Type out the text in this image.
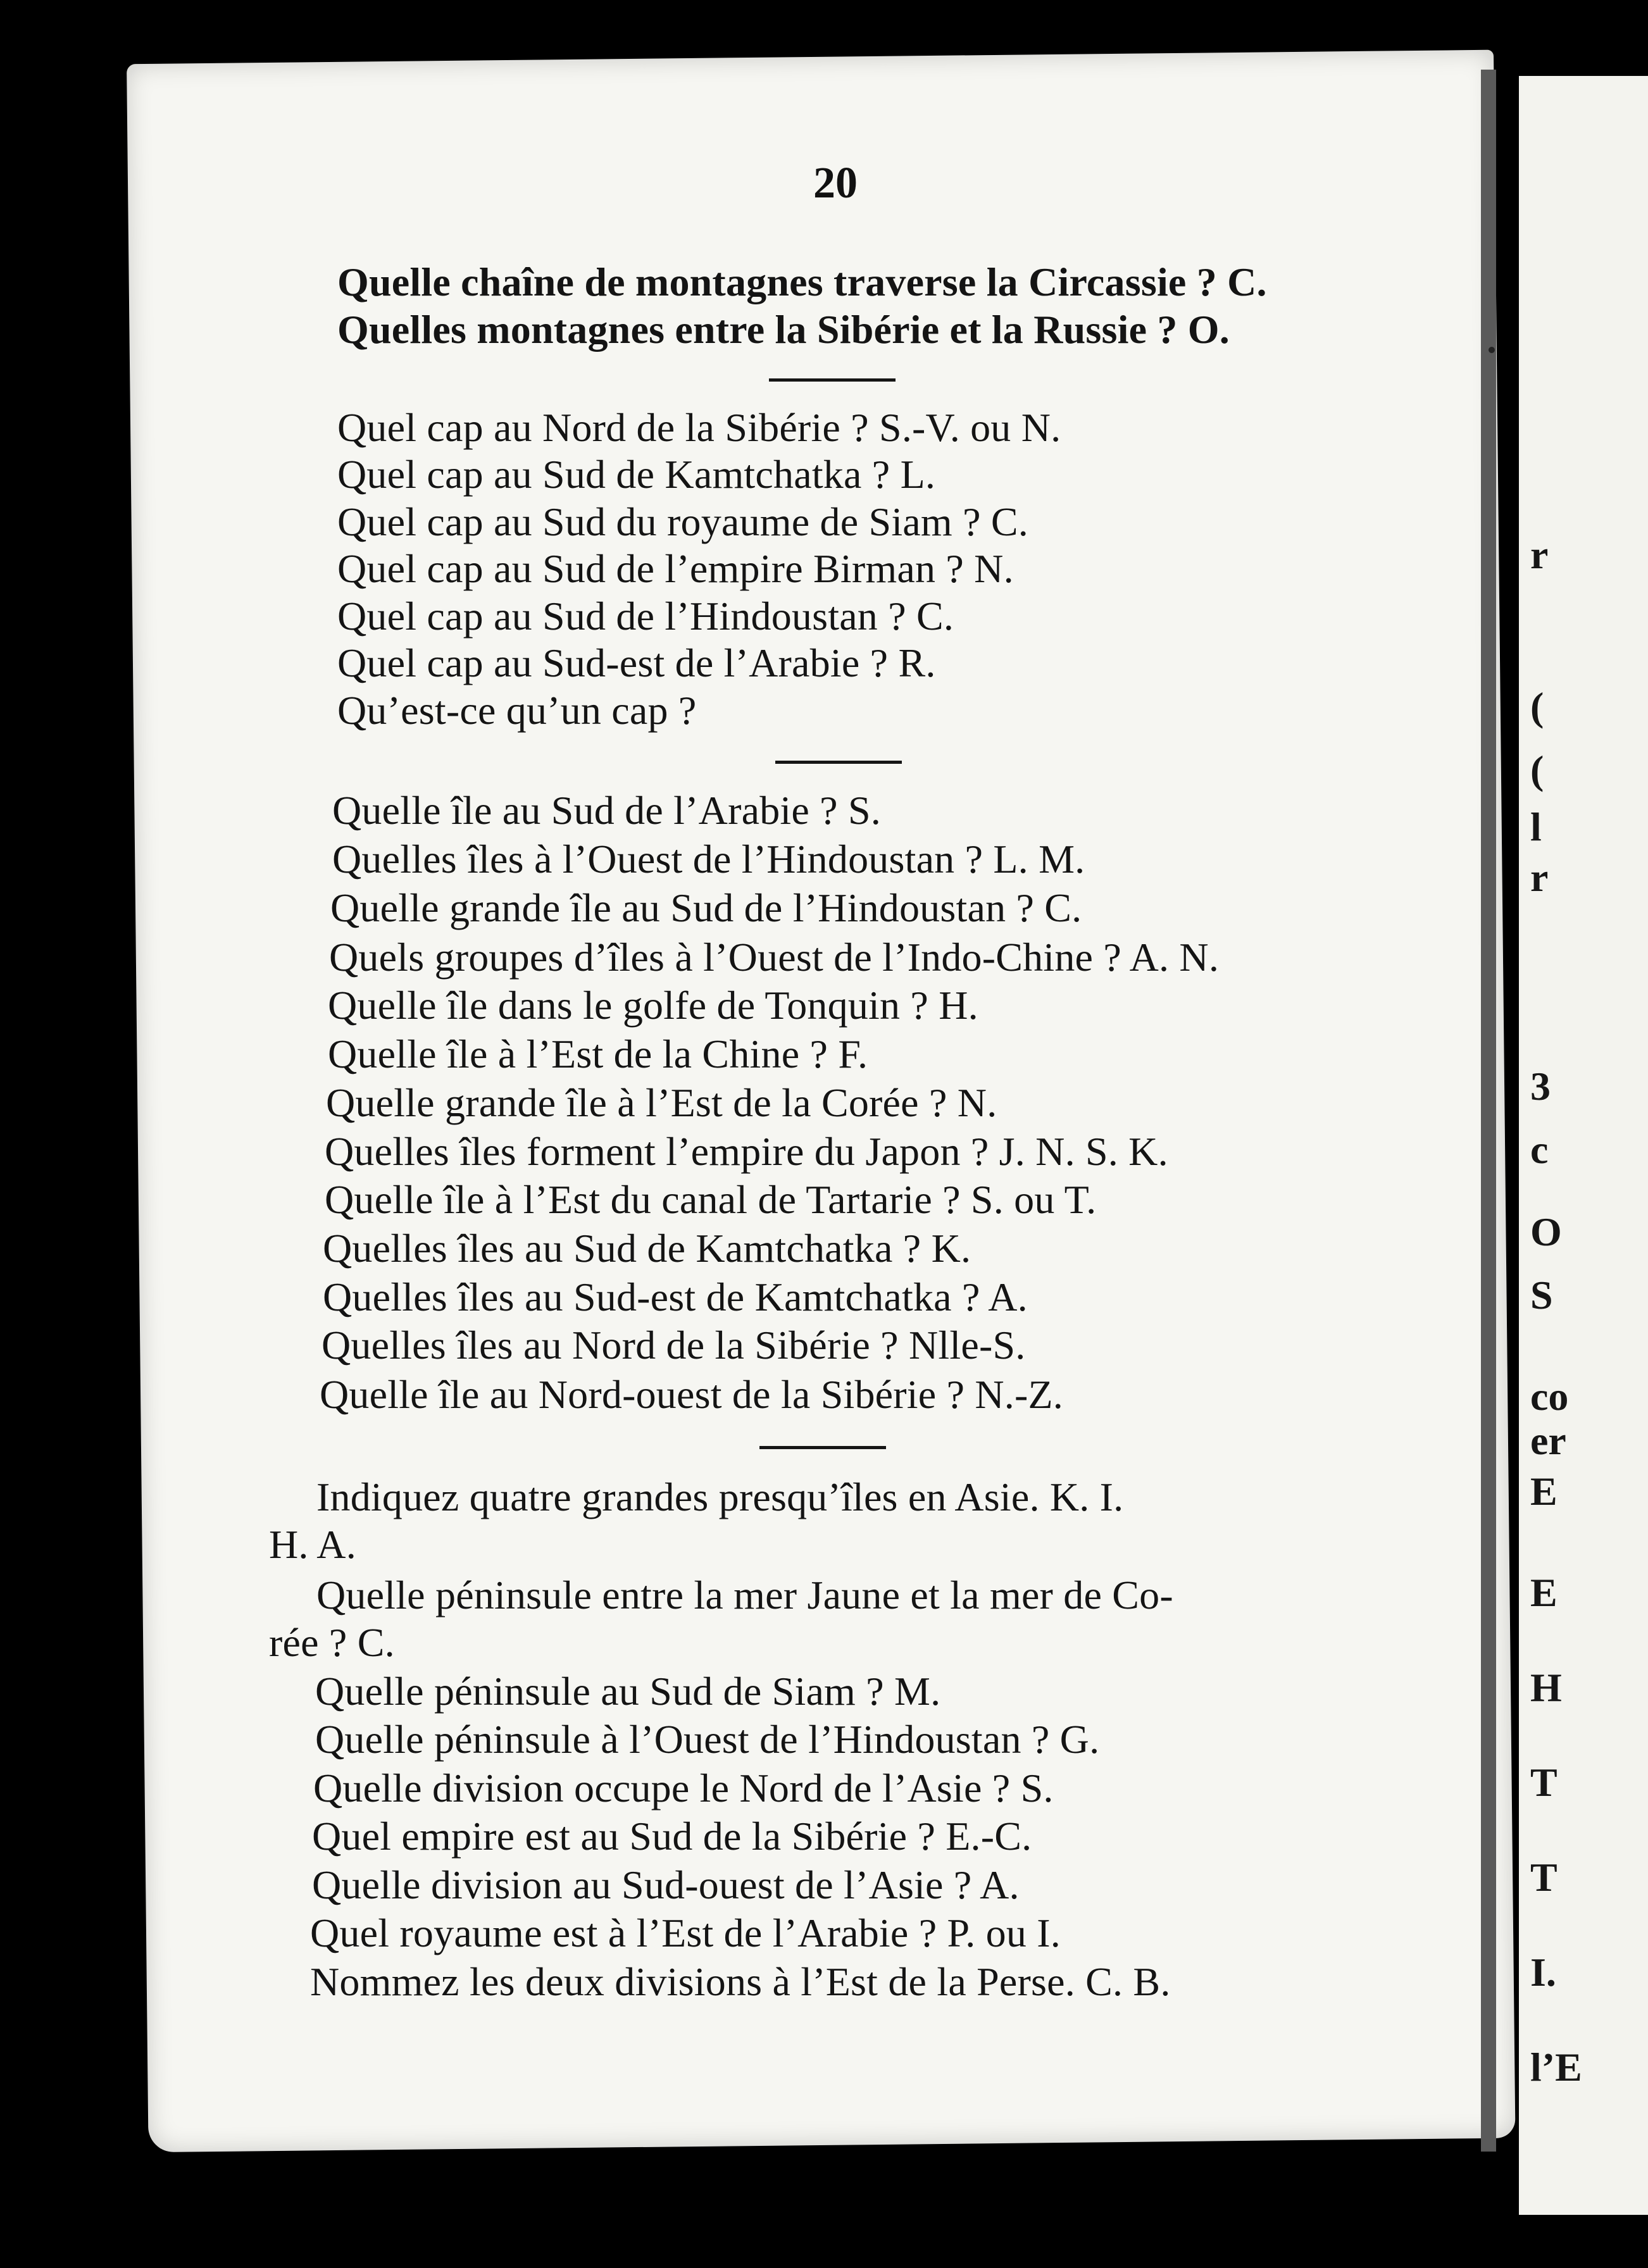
r
(
(
l
r
3
c
O
S
co
er
E
E
H
T
T
I.
l’E
20
Quelle chaîne de montagnes traverse la Circassie ? C.
Quelles montagnes entre la Sibérie et la Russie ? O.
Quel cap au Nord de la Sibérie ? S.-V. ou N.
Quel cap au Sud de Kamtchatka ? L.
Quel cap au Sud du royaume de Siam ? C.
Quel cap au Sud de l’empire Birman ? N.
Quel cap au Sud de l’Hindoustan ? C.
Quel cap au Sud-est de l’Arabie ? R.
Qu’est-ce qu’un cap ?
Quelle île au Sud de l’Arabie ? S.
Quelles îles à l’Ouest de l’Hindoustan ? L. M.
Quelle grande île au Sud de l’Hindoustan ? C.
Quels groupes d’îles à l’Ouest de l’Indo-Chine ? A. N.
Quelle île dans le golfe de Tonquin ? H.
Quelle île à l’Est de la Chine ? F.
Quelle grande île à l’Est de la Corée ? N.
Quelles îles forment l’empire du Japon ? J. N. S. K.
Quelle île à l’Est du canal de Tartarie ? S. ou T.
Quelles îles au Sud de Kamtchatka ? K.
Quelles îles au Sud-est de Kamtchatka ? A.
Quelles îles au Nord de la Sibérie ? Nlle-S.
Quelle île au Nord-ouest de la Sibérie ? N.-Z.
Indiquez quatre grandes presqu’îles en Asie. K. I.
H. A.
Quelle péninsule entre la mer Jaune et la mer de Co-
rée ? C.
Quelle péninsule au Sud de Siam ? M.
Quelle péninsule à l’Ouest de l’Hindoustan ? G.
Quelle division occupe le Nord de l’Asie ? S.
Quel empire est au Sud de la Sibérie ? E.-C.
Quelle division au Sud-ouest de l’Asie ? A.
Quel royaume est à l’Est de l’Arabie ? P. ou I.
Nommez les deux divisions à l’Est de la Perse. C. B.
